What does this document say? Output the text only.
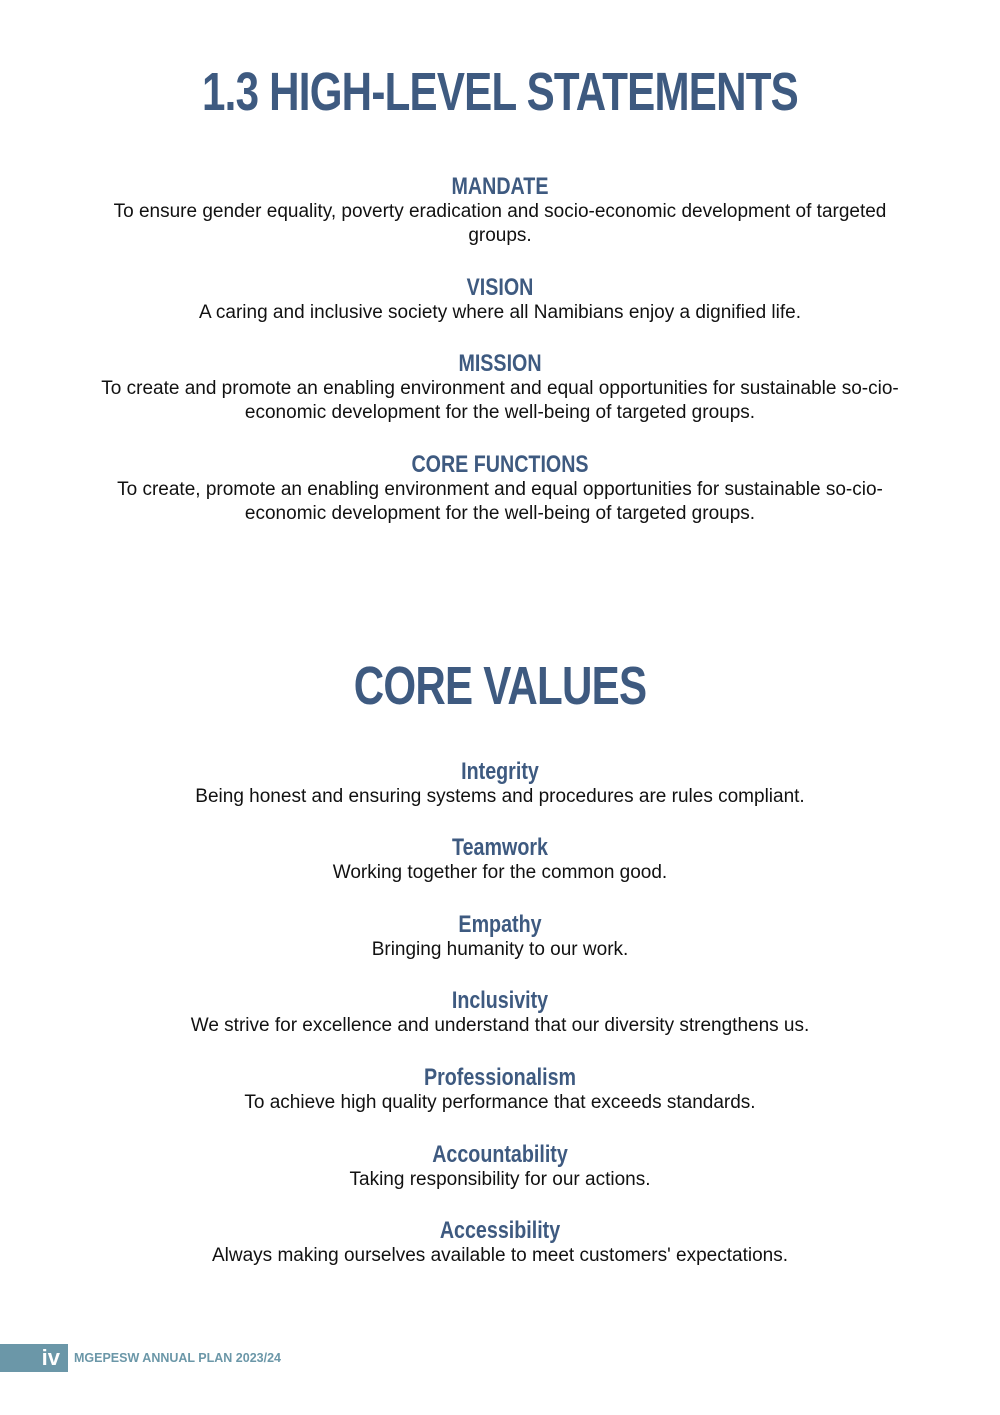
1.3 HIGH-LEVEL STATEMENTS
MANDATE

To ensure gender equality, poverty eradication and socio-economic development of targeted groups.

VISION

A caring and inclusive society where all Namibians enjoy a dignified life.

MISSION

To create and promote an enabling environment and equal opportunities for sustainable so-cio-economic development for the well-being of targeted groups.

CORE FUNCTIONS

To create, promote an enabling environment and equal opportunities for sustainable so-cio-economic development for the well-being of targeted groups.

CORE VALUES
Integrity

Being honest and ensuring systems and procedures are rules compliant.

Teamwork

Working together for the common good.

Empathy

Bringing humanity to our work.

Inclusivity

We strive for excellence and understand that our diversity strengthens us.

Professionalism

To achieve high quality performance that exceeds standards.

Accountability

Taking responsibility for our actions.

Accessibility

Always making ourselves available to meet customers' expectations.

iv	MGEPESW ANNUAL PLAN 2023/24
